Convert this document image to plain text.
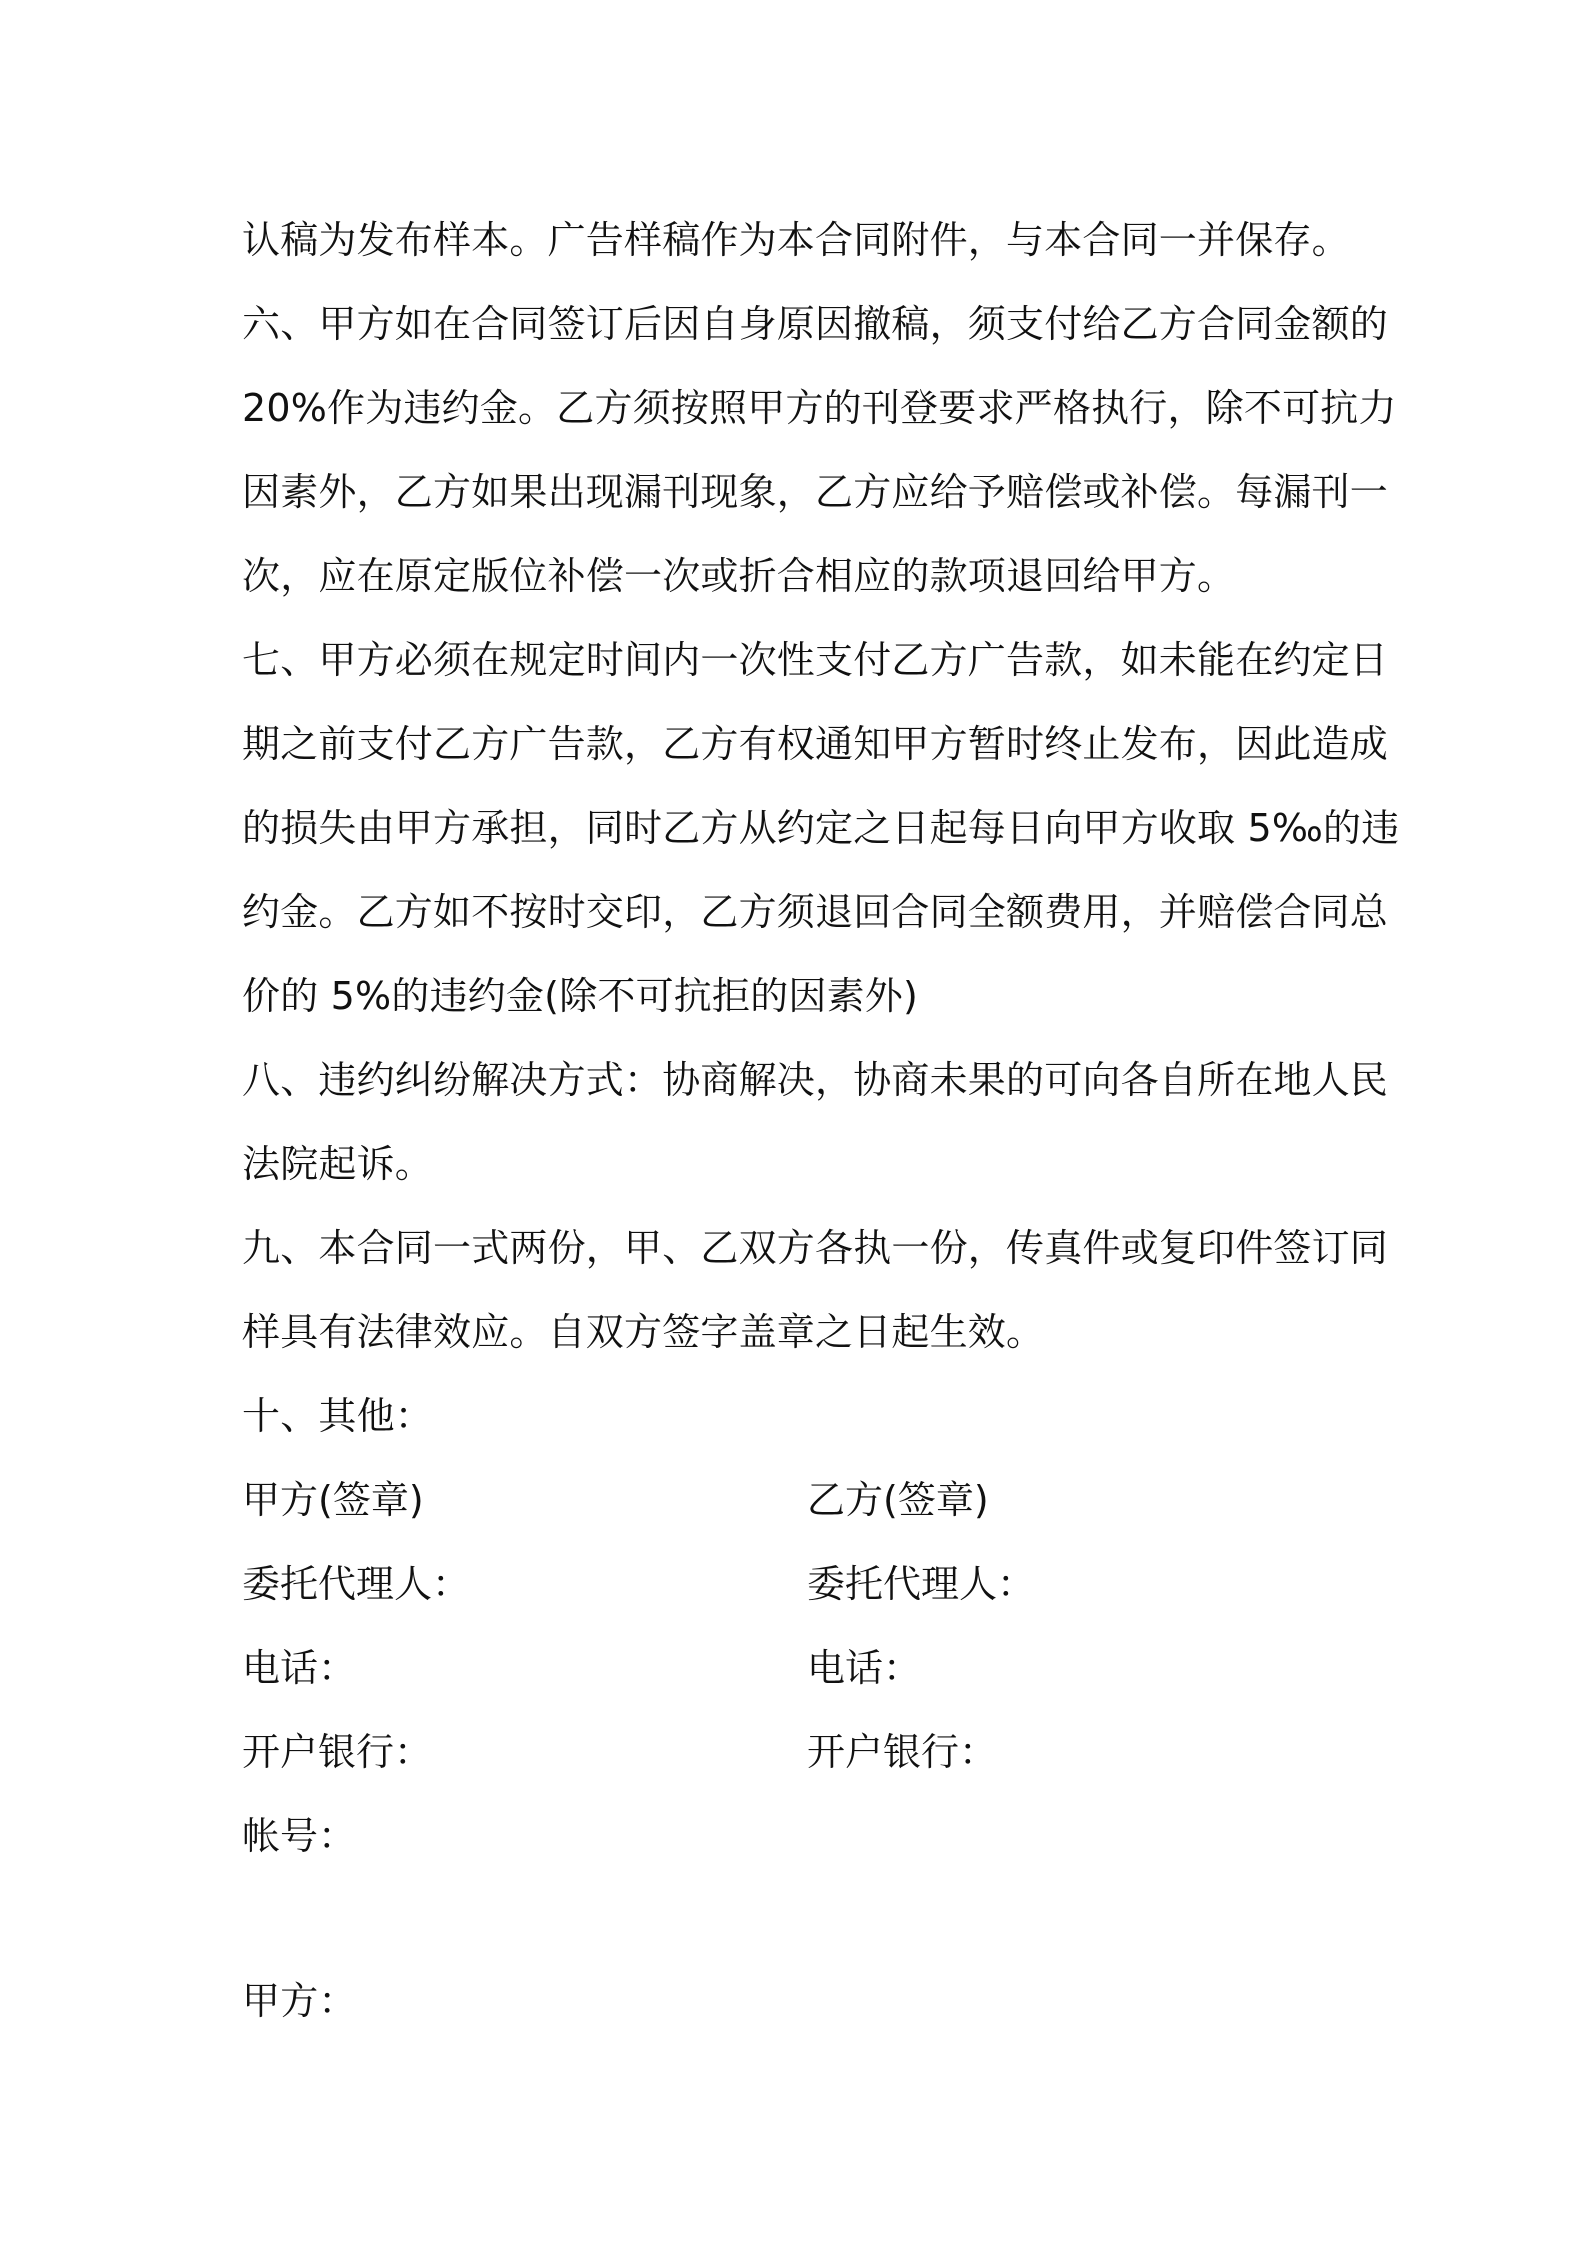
认稿为发布样本。广告样稿作为本合同附件，与本合同一并保存。
六、甲方如在合同签订后因自身原因撤稿，须支付给乙方合同金额的
20%作为违约金。乙方须按照甲方的刊登要求严格执行，除不可抗力
因素外，乙方如果出现漏刊现象，乙方应给予赔偿或补偿。每漏刊一
次，应在原定版位补偿一次或折合相应的款项退回给甲方。
七、甲方必须在规定时间内一次性支付乙方广告款，如未能在约定日
期之前支付乙方广告款，乙方有权通知甲方暂时终止发布，因此造成
的损失由甲方承担，同时乙方从约定之日起每日向甲方收取 5‰的违
约金。乙方如不按时交印，乙方须退回合同全额费用，并赔偿合同总
价的 5%的违约金(除不可抗拒的因素外)
八、违约纠纷解决方式：协商解决，协商未果的可向各自所在地人民
法院起诉。
九、本合同一式两份，甲、乙双方各执一份，传真件或复印件签订同
样具有法律效应。自双方签字盖章之日起生效。
十、其他：
甲方(签章)	乙方(签章)
委托代理人：	委托代理人：
电话：	电话：
开户银行：	开户银行：
帐号：
甲方：
